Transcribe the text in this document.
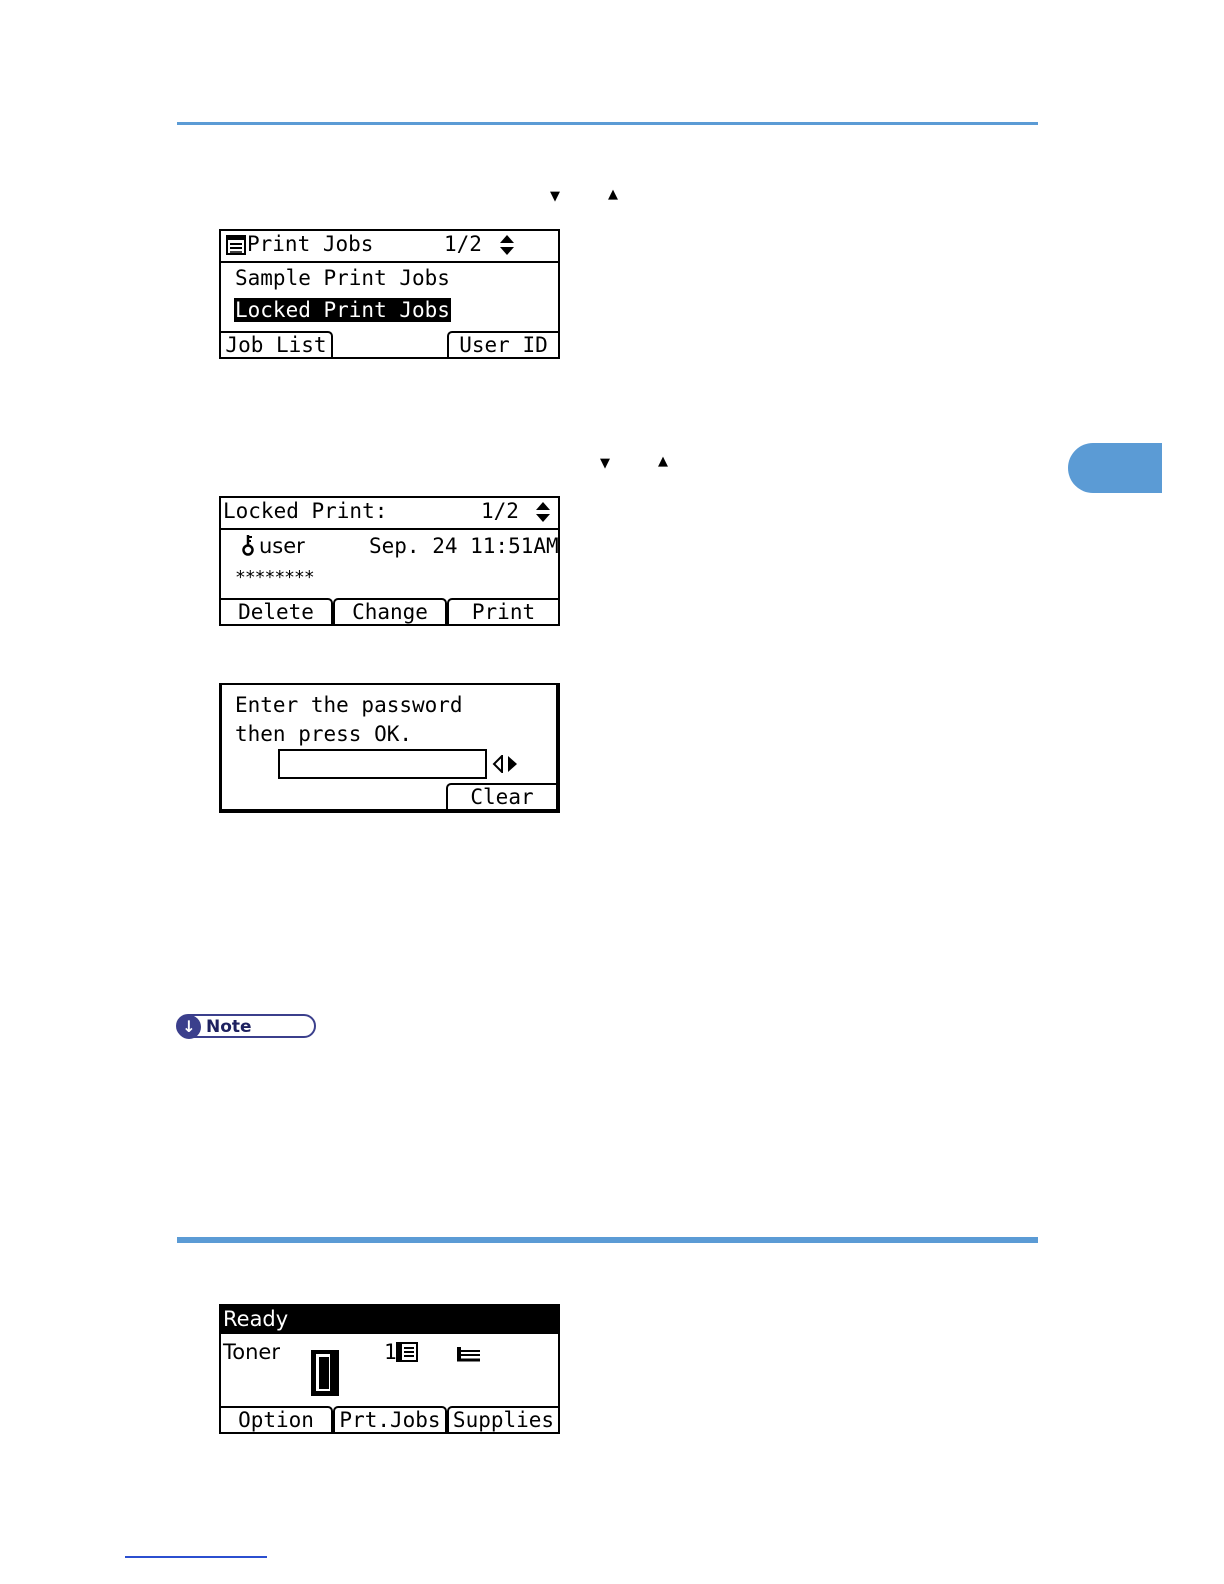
▼	▲
Print Jobs	1/2
Sample Print Jobs
Locked Print Jobs
Job List	User ID
▼	▲
Locked Print:	1/2
user	Sep. 24 11:51AM
********
Delete	Change	Print
Enter the password
then press OK.
Clear
↓ Note
Ready
Toner	1
Option	Prt.Jobs Supplies
